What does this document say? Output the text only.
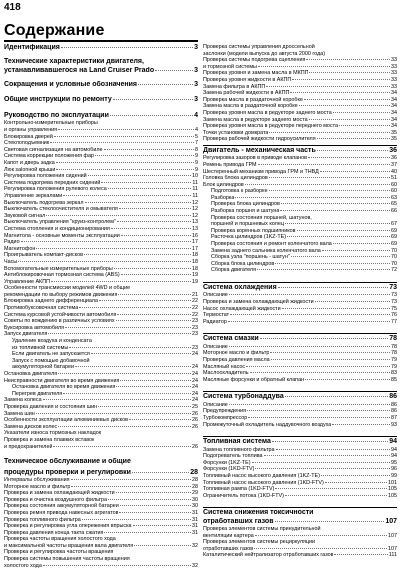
418
Содержание
Идентификация	3
Технические характеристики двигателя,
устанавливавшегося на Land Cruiser Prado	3
Сокращения и условные обозначения	3
Общие инструкции по ремонту	3
Руководство по эксплуатации	4
Контрольно-измерительные приборы
и органы управления	4
Блокировка дверей	5
Стеклоподъемник	7
Световая сигнализация на автомобиле	8
Система коррекции положения фар	9
Капот и дверь задка	9
Люк salonной крыши	9
Регулировка положения сидений	10
Система подогрева передних сидений	11
Регулировка положения рулевого колеса	11
Управление зеркалами	11
Выключатель подогрева зеркал	12
Выключатель стеклоочистителя и омывателя	12
Звуковой сигнал	12
Выключатель управления "круиз-контролем"	13
Система отопления и кондиционирования	13
Магнитола - основные моменты эксплуатации	16
Радио	17
Магнитофон	17
Проигрыватель компакт-дисков	18
Часы	18
Вспомогательные измерительные приборы	18
Антиблокировочная тормозная система (ABS)	19
Управление АКПП	19
Особенности трансмиссии моделей 4WD и общие
рекомендации по выбору режимов движения	21
Блокировка заднего дифференциала	22
Противобуксовочная система	22
Система курсовой устойчивости автомобиля	22
Советы по вождению в различных условиях	23
Буксировка автомобиля	23
Запуск двигателя	23
Удаление воздуха и конденсата
из топливной системы	23
Если двигатель не запускается	24
Запуск с помощью добавочной
аккумуляторной батареи	24
Остановка двигателя	24
Неисправности двигателя во время движения	24
Остановка двигателя во время движения	24
Перегрев двигателя	24
Замена колеса	24
Проверка давления и состояния шин	25
Замена шин	26
Особенности эксплуатации алюминиевых дисков	26
Замена дисков колес	26
Указатели износа тормозных накладок
Проверка и замена плавких вставок
и предохранителей	26
Техническое обслуживание и общие
процедуры проверки и регулировки	28
Интервалы обслуживания	28
Моторное масло и фильтр	28
Проверка и замена охлаждающей жидкости	29
Проверка и очистка воздушного фильтра	30
Проверка состояния аккумуляторной батареи	30
Проверка ремня привода навесных агрегатов	31
Проверка топливного фильтра	31
Проверка и регулировка угла опережения впрыска	31
Проверка давления конца такта сжатия	31
Проверка частоты вращения холостого хода
и максимальной частоты вращения вала двигателя	32
Проверка и регулировка частоты вращения
Проверка системы повышения частоты вращения
холостого хода	32
Проверка системы управления дроссельной
заслонки (модели выпуска до августа 2000 года)
Проверка системы подогрева сцепления	33
и тормозной системы	33
Проверка уровня и замена масла в МКПП	33
Проверка уровня жидкости в АКПП	33
Замена фильтра в АКПП	33
Замена рабочей жидкости в АКПП	34
Проверка масла в раздаточной коробке	34
Замена масла в раздаточной коробке	34
Проверка уровня масла в редукторе заднего моста	34
Замена масла в редукторе заднего моста	34
Проверка уровня масла в редукторе переднего моста	34
Точки установки домкрата	35
Проверка рабочей жидкости гидроусилителя	35
Двигатель - механическая часть	36
Регулировка зазоров в приводе клапанов	36
Ремень привода ГРМ	37
Шестеренный механизм привода ГРМ и ТНВД	40
Головка блока цилиндров	51
Блок цилиндров	60
Подготовка к разборке	60
Разборка	63
Проверка блока цилиндров	65
Разборка поршня и шатуна	66
Проверка состояния поршней, шатунов,
поршней и поршневых колец	67
Проверка коренных подшипников	69
Расточка цилиндров (1KZ-TE)	69
Проверка состояния и ремонт коленчатого вала	69
Замена заднего сальника коленчатого вала	70
Сборка узла "поршень - шатун"	70
Сборка блока цилиндров	70
Сборка двигателя	72
Система охлаждения	73
Описание	73
Проверка и замена охлаждающей жидкости	73
Насос охлаждающей жидкости	75
Термостат	76
Радиатор	77
Система смазки	78
Описание	78
Моторное масло и фильтр	78
Проверка давления масла	79
Масляный насос	79
Маслоохладитель	83
Масляные форсунки и обратный клапан	85
Система турбонаддува	86
Описание	86
Предупреждения	86
Турбокомпрессор	87
Промежуточный охладитель наддувочного воздуха	93
Топливная система	94
Замена топливного фильтра	94
Подогреватель топлива	94
Форсунки (1KZ-TE)	95
Форсунки (1KD-FTV)	96
Топливный насос высокого давления (1KZ-TE)	99
Топливный насос высокого давления (1KD-FTV)	101
Топливная рампа (1KD-FTV)	105
Ограничитель потока (1KD-FTV)	105
Система снижения токсичности
отработавших газов	107
Проверка элементов системы принудительной
вентиляции картера	107
Проверка элементов системы рециркуляции
отработавших газов	107
Каталитический нейтрализатор отработавших газов	111
